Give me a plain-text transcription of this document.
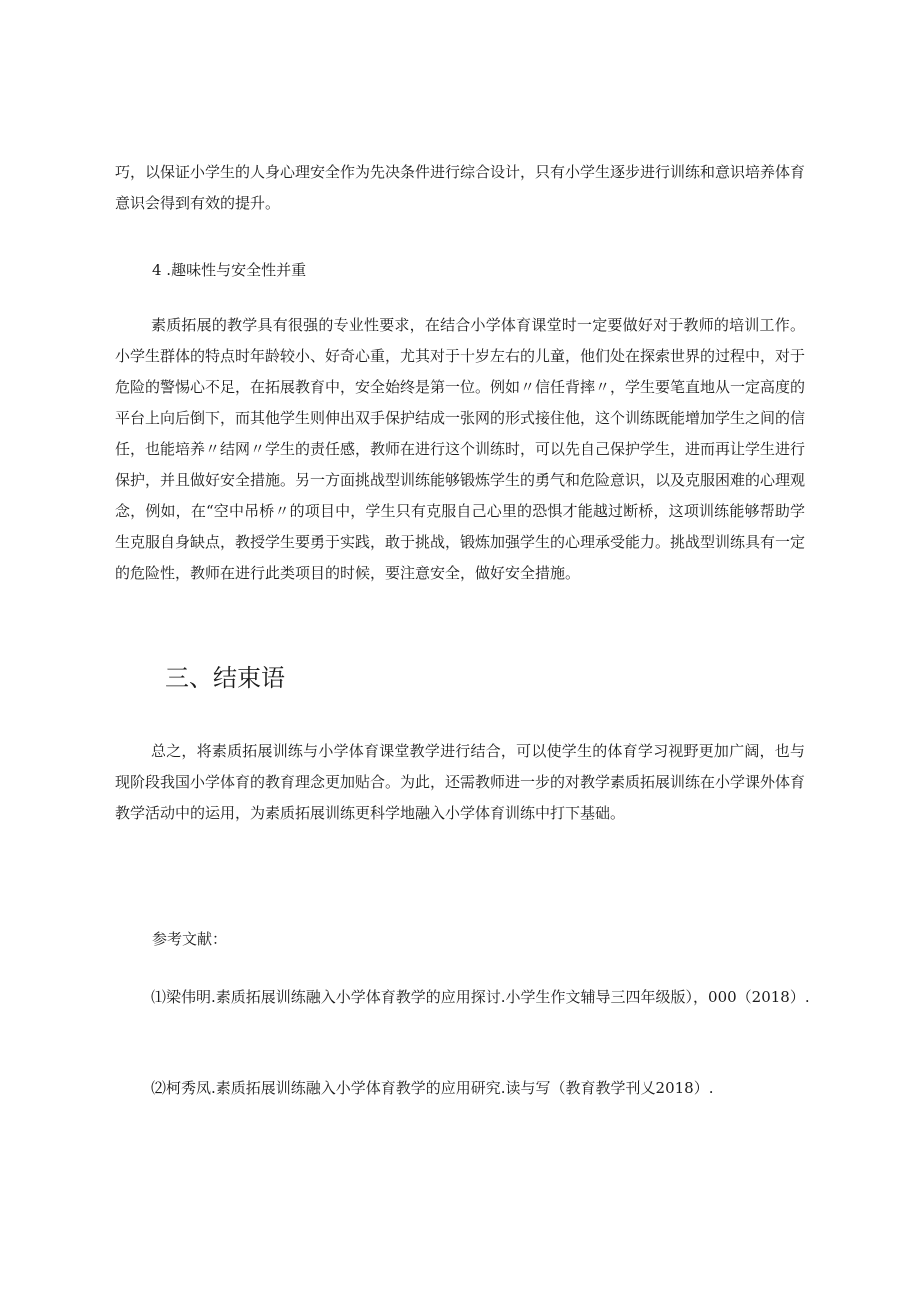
巧，以保证小学生的人身心理安全作为先决条件进行综合设计，只有小学生逐步进行训练和意识培养体育意识会得到有效的提升。

4 .趣味性与安全性并重

素质拓展的教学具有很强的专业性要求，在结合小学体育课堂时一定要做好对于教师的培训工作。小学生群体的特点时年龄较小、好奇心重，尤其对于十岁左右的儿童，他们处在探索世界的过程中，对于危险的警惕心不足，在拓展教育中，安全始终是第一位。例如〃信任背摔〃，学生要笔直地从一定高度的平台上向后倒下，而其他学生则伸出双手保护结成一张网的形式接住他，这个训练既能增加学生之间的信任，也能培养〃结网〃学生的责任感，教师在进行这个训练时，可以先自己保护学生，进而再让学生进行保护，并且做好安全措施。另一方面挑战型训练能够锻炼学生的勇气和危险意识，以及克服困难的心理观念，例如，在“空中吊桥〃的项目中，学生只有克服自己心里的恐惧才能越过断桥，这项训练能够帮助学生克服自身缺点，教授学生要勇于实践，敢于挑战，锻炼加强学生的心理承受能力。挑战型训练具有一定的危险性，教师在进行此类项目的时候，要注意安全，做好安全措施。

三、结束语

总之，将素质拓展训练与小学体育课堂教学进行结合，可以使学生的体育学习视野更加广阔，也与现阶段我国小学体育的教育理念更加贴合。为此，还需教师进一步的对教学素质拓展训练在小学课外体育教学活动中的运用，为素质拓展训练更科学地融入小学体育训练中打下基础。

参考文献：

⑴梁伟明.素质拓展训练融入小学体育教学的应用探讨.小学生作文辅导三四年级版），000（2018）.

⑵柯秀凤.素质拓展训练融入小学体育教学的应用研究.读与写（教育教学刊乂2018）.
